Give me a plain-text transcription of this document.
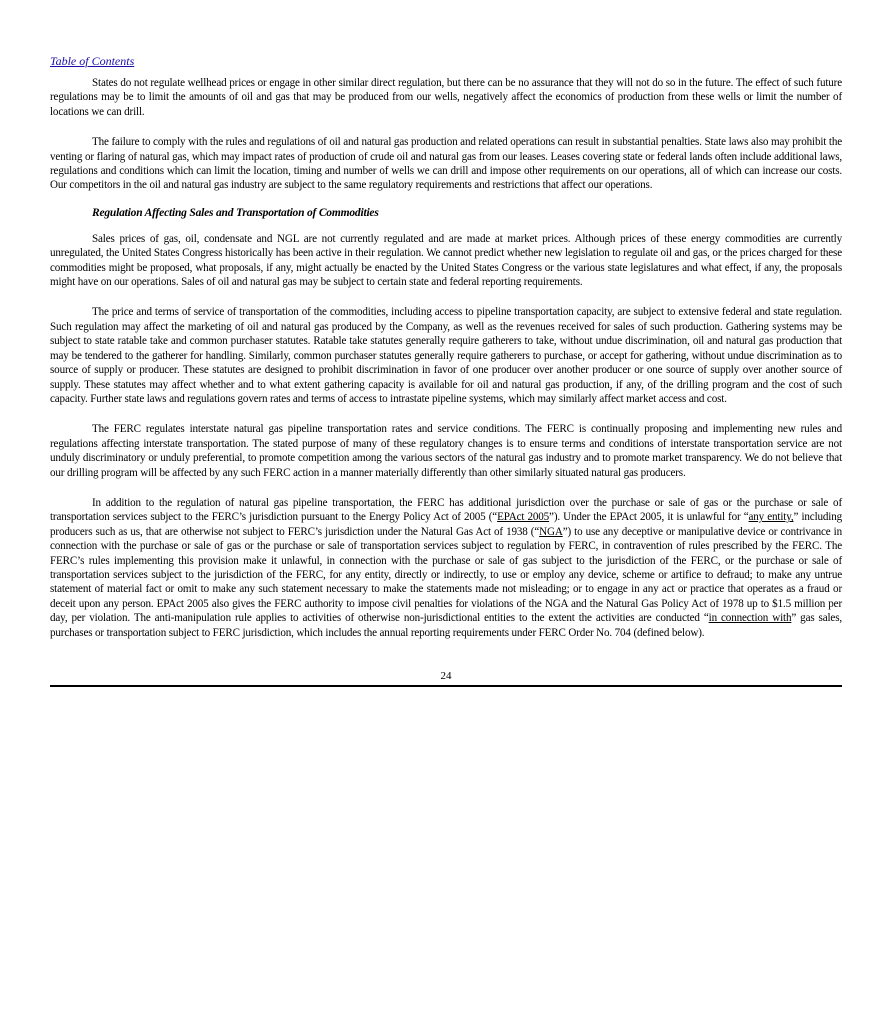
Table of Contents

States do not regulate wellhead prices or engage in other similar direct regulation, but there can be no assurance that they will not do so in the future. The effect of such future regulations may be to limit the amounts of oil and gas that may be produced from our wells, negatively affect the economics of production from these wells or limit the number of locations we can drill.

The failure to comply with the rules and regulations of oil and natural gas production and related operations can result in substantial penalties. State laws also may prohibit the venting or flaring of natural gas, which may impact rates of production of crude oil and natural gas from our leases. Leases covering state or federal lands often include additional laws, regulations and conditions which can limit the location, timing and number of wells we can drill and impose other requirements on our operations, all of which can increase our costs. Our competitors in the oil and natural gas industry are subject to the same regulatory requirements and restrictions that affect our operations.

Regulation Affecting Sales and Transportation of Commodities

Sales prices of gas, oil, condensate and NGL are not currently regulated and are made at market prices. Although prices of these energy commodities are currently unregulated, the United States Congress historically has been active in their regulation. We cannot predict whether new legislation to regulate oil and gas, or the prices charged for these commodities might be proposed, what proposals, if any, might actually be enacted by the United States Congress or the various state legislatures and what effect, if any, the proposals might have on our operations. Sales of oil and natural gas may be subject to certain state and federal reporting requirements.

The price and terms of service of transportation of the commodities, including access to pipeline transportation capacity, are subject to extensive federal and state regulation. Such regulation may affect the marketing of oil and natural gas produced by the Company, as well as the revenues received for sales of such production. Gathering systems may be subject to state ratable take and common purchaser statutes. Ratable take statutes generally require gatherers to take, without undue discrimination, oil and natural gas production that may be tendered to the gatherer for handling. Similarly, common purchaser statutes generally require gatherers to purchase, or accept for gathering, without undue discrimination as to source of supply or producer. These statutes are designed to prohibit discrimination in favor of one producer over another producer or one source of supply over another source of supply. These statutes may affect whether and to what extent gathering capacity is available for oil and natural gas production, if any, of the drilling program and the cost of such capacity. Further state laws and regulations govern rates and terms of access to intrastate pipeline systems, which may similarly affect market access and cost.

The FERC regulates interstate natural gas pipeline transportation rates and service conditions. The FERC is continually proposing and implementing new rules and regulations affecting interstate transportation. The stated purpose of many of these regulatory changes is to ensure terms and conditions of interstate transportation service are not unduly discriminatory or unduly preferential, to promote competition among the various sectors of the natural gas industry and to promote market transparency. We do not believe that our drilling program will be affected by any such FERC action in a manner materially differently than other similarly situated natural gas producers.

In addition to the regulation of natural gas pipeline transportation, the FERC has additional jurisdiction over the purchase or sale of gas or the purchase or sale of transportation services subject to the FERC’s jurisdiction pursuant to the Energy Policy Act of 2005 (“EPAct 2005”). Under the EPAct 2005, it is unlawful for “any entity,” including producers such as us, that are otherwise not subject to FERC’s jurisdiction under the Natural Gas Act of 1938 (“NGA”) to use any deceptive or manipulative device or contrivance in connection with the purchase or sale of gas or the purchase or sale of transportation services subject to regulation by FERC, in contravention of rules prescribed by the FERC. The FERC’s rules implementing this provision make it unlawful, in connection with the purchase or sale of gas subject to the jurisdiction of the FERC, or the purchase or sale of transportation services subject to the jurisdiction of the FERC, for any entity, directly or indirectly, to use or employ any device, scheme or artifice to defraud; to make any untrue statement of material fact or omit to make any such statement necessary to make the statements made not misleading; or to engage in any act or practice that operates as a fraud or deceit upon any person. EPAct 2005 also gives the FERC authority to impose civil penalties for violations of the NGA and the Natural Gas Policy Act of 1978 up to $1.5 million per day, per violation. The anti-manipulation rule applies to activities of otherwise non-jurisdictional entities to the extent the activities are conducted “in connection with” gas sales, purchases or transportation subject to FERC jurisdiction, which includes the annual reporting requirements under FERC Order No. 704 (defined below).

24
